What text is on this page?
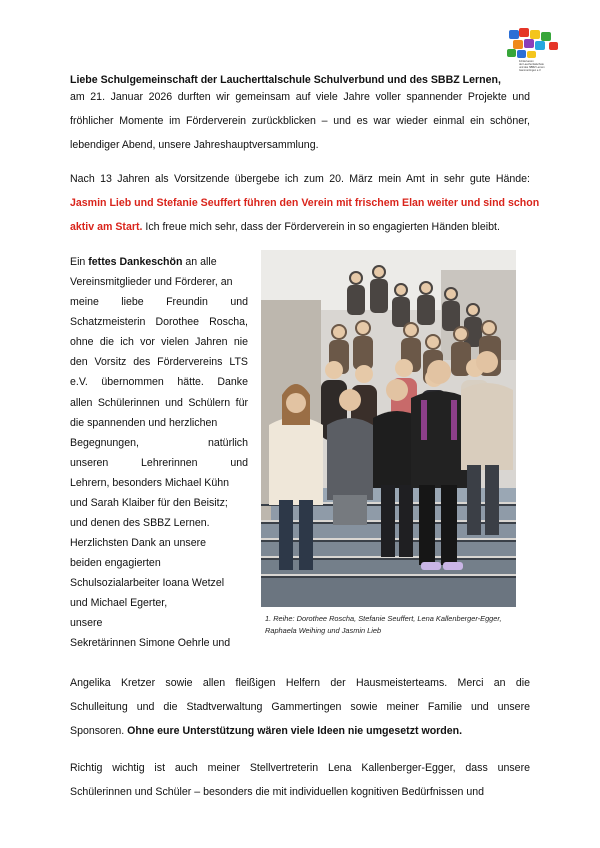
Förderverein
der Laucherttalschule
und des SBBZ Lernen
Gammertingen e.V.
Liebe Schulgemeinschaft der Laucherttalschule Schulverbund und des SBBZ Lernen,
am 21. Januar 2026 durften wir gemeinsam auf viele Jahre voller spannender Projekte und
fröhlicher Momente im Förderverein zurückblicken – und es war wieder einmal ein schöner,
lebendiger Abend, unsere Jahreshauptversammlung.
Nach 13 Jahren als Vorsitzende übergebe ich zum 20. März mein Amt in sehr gute Hände:
Jasmin Lieb und Stefanie Seuffert führen den Verein mit frischem Elan weiter und sind schon
aktiv am Start. Ich freue mich sehr, dass der Förderverein in so engagierten Händen bleibt.
Ein fettes Dankeschön an alle
Vereinsmitglieder und Förderer, an
meine liebe Freundin und
Schatzmeisterin Dorothee Roscha,
ohne die ich vor vielen Jahren nie
den Vorsitz des Fördervereins LTS
e.V. übernommen hätte. Danke
allen Schülerinnen und Schülern für
die spannenden und herzlichen
Begegnungen, natürlich
unseren Lehrerinnen und
Lehrern, besonders Michael Kühn
und Sarah Klaiber für den Beisitz;
und denen des SBBZ Lernen.
Herzlichsten Dank an unsere
beiden engagierten
Schulsozialarbeiter Ioana Wetzel
und Michael Egerter,
unsere
Sekretärinnen Simone Oehrle und
1. Reihe: Dorothee Roscha, Stefanie Seuffert, Lena Kallenberger-Egger, Raphaela Weihing und Jasmin Lieb
Angelika Kretzer sowie allen fleißigen Helfern der Hausmeisterteams. Merci an die
Schulleitung und die Stadtverwaltung Gammertingen sowie meiner Familie und unsere
Sponsoren. Ohne eure Unterstützung wären viele Ideen nie umgesetzt worden.
Richtig wichtig ist auch meiner Stellvertreterin Lena Kallenberger-Egger, dass unsere
Schülerinnen und Schüler – besonders die mit individuellen kognitiven Bedürfnissen und
